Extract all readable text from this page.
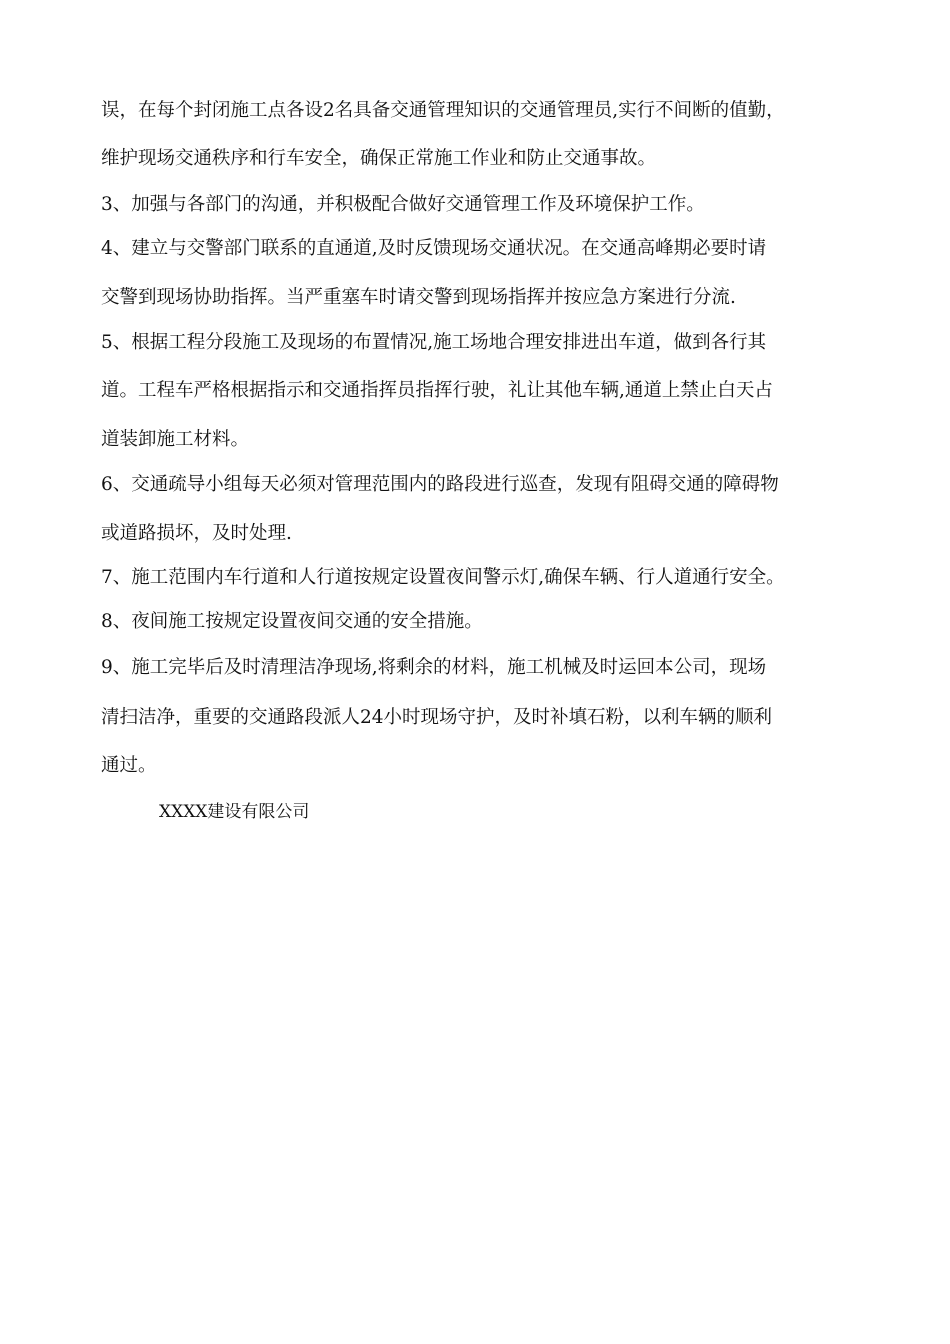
误，在每个封闭施工点各设2名具备交通管理知识的交通管理员,实行不间断的值勤，
维护现场交通秩序和行车安全，确保正常施工作业和防止交通事故。
3、加强与各部门的沟通，并积极配合做好交通管理工作及环境保护工作。
4、建立与交警部门联系的直通道,及时反馈现场交通状况。在交通高峰期必要时请
交警到现场协助指挥。当严重塞车时请交警到现场指挥并按应急方案进行分流.
5、根据工程分段施工及现场的布置情况,施工场地合理安排进出车道，做到各行其
道。工程车严格根据指示和交通指挥员指挥行驶，礼让其他车辆,通道上禁止白天占
道装卸施工材料。
6、交通疏导小组每天必须对管理范围内的路段进行巡查，发现有阻碍交通的障碍物
或道路损坏，及时处理.
7、施工范围内车行道和人行道按规定设置夜间警示灯,确保车辆、行人道通行安全。
8、夜间施工按规定设置夜间交通的安全措施。
9、施工完毕后及时清理洁净现场,将剩余的材料，施工机械及时运回本公司，现场
清扫洁净，重要的交通路段派人24小时现场守护，及时补填石粉，以利车辆的顺利
通过。
XXXX建设有限公司
